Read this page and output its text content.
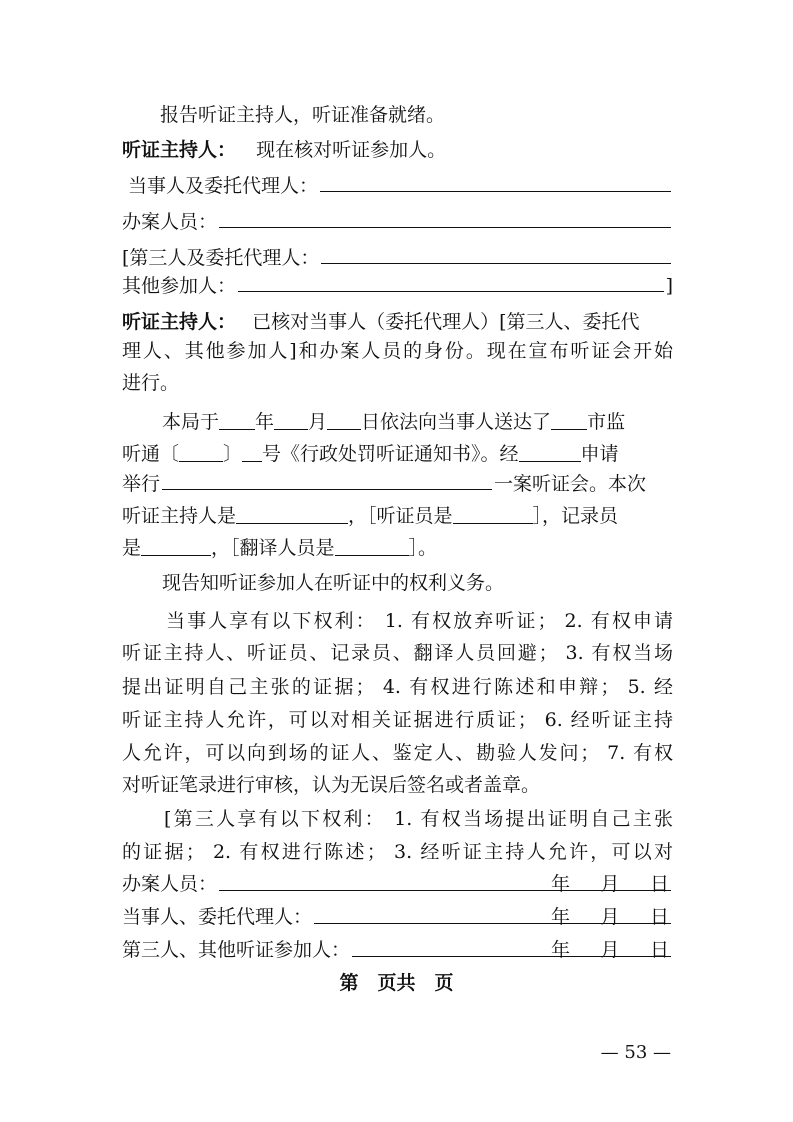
报告听证主持人，听证准备就绪。
听证主持人： 现在核对听证参加人。
当事人及委托代理人：
办案人员：
[第三人及委托代理人：
其他参加人：	]
听证主持人： 已核对当事人（委托代理人）[第三人、委托代
理人、其他参加人]和办案人员的身份。现在宣布听证会开始
进行。
本局于 年 月 日依法向当事人送达了 市监
听通〔 〕 号《行政处罚听证通知书》。经	申请
举行	一案听证会。本次
听证主持人是	，［听证员是	］，记录员
是	，［翻译人员是	］。
现告知听证参加人在听证中的权利义务。
当事人享有以下权利： 1. 有权放弃听证； 2. 有权申请
听证主持人、听证员、记录员、翻译人员回避； 3. 有权当场
提出证明自己主张的证据； 4. 有权进行陈述和申辩； 5. 经
听证主持人允许，可以对相关证据进行质证； 6. 经听证主持
人允许，可以向到场的证人、鉴定人、勘验人发问； 7. 有权
对听证笔录进行审核，认为无误后签名或者盖章。
[第三人享有以下权利： 1. 有权当场提出证明自己主张
的证据； 2. 有权进行陈述； 3. 经听证主持人允许，可以对
办案人员：	年 月 日
当事人、委托代理人：	年 月 日
第三人、其他听证参加人：	年 月 日
第　页共　页
— 53 —
